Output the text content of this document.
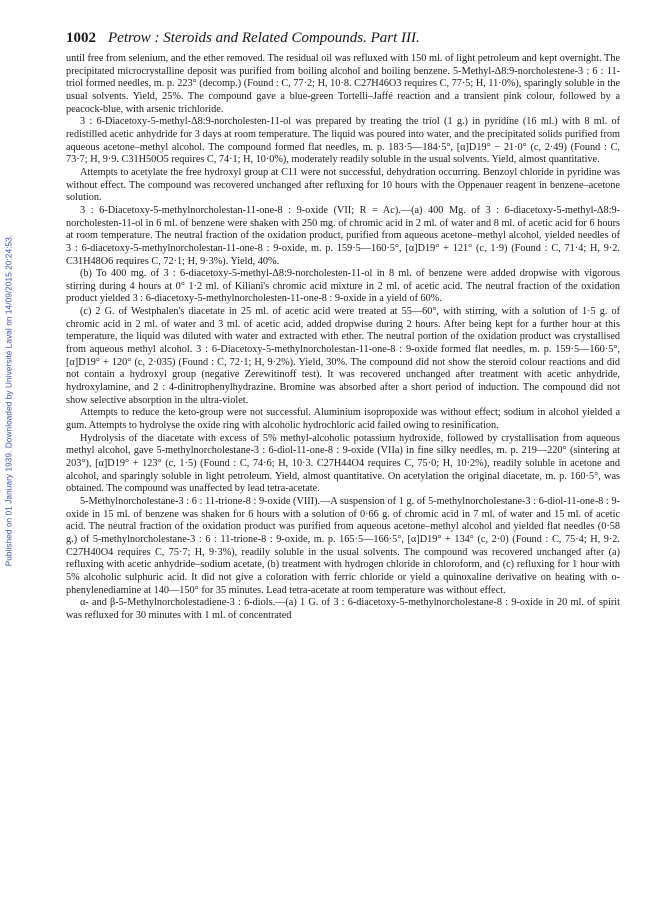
Published on 01 January 1939. Downloaded by Université Laval on 14/09/2015 20:24:53.
1002 Petrow : Steroids and Related Compounds. Part III.

until free from selenium, and the ether removed. The residual oil was refluxed with 150 ml. of light petroleum and kept overnight. The precipitated microcrystalline deposit was purified from boiling alcohol and boiling benzene. 5-Methyl-Δ8:9-norcholestene-3 : 6 : 11-triol formed needles, m. p. 223° (decomp.) (Found : C, 77·2; H, 10·8. C27H46O3 requires C, 77·5; H, 11·0%), sparingly soluble in the usual solvents. Yield, 25%. The compound gave a blue-green Tortelli–Jaffé reaction and a transient pink colour, followed by a peacock-blue, with arsenic trichloride.

3 : 6-Diacetoxy-5-methyl-Δ8:9-norcholesten-11-ol was prepared by treating the triol (1 g.) in pyridine (16 ml.) with 8 ml. of redistilled acetic anhydride for 3 days at room temperature. The liquid was poured into water, and the precipitated solids purified from aqueous acetone–methyl alcohol. The compound formed flat needles, m. p. 183·5—184·5°, [α]D19° − 21·0° (c, 2·49) (Found : C, 73·7; H, 9·9. C31H50O5 requires C, 74·1; H, 10·0%), moderately readily soluble in the usual solvents. Yield, almost quantitative.

Attempts to acetylate the free hydroxyl group at C11 were not successful, dehydration occurring. Benzoyl chloride in pyridine was without effect. The compound was recovered unchanged after refluxing for 10 hours with the Oppenauer reagent in benzene–acetone solution.

3 : 6-Diacetoxy-5-methylnorcholestan-11-one-8 : 9-oxide (VII; R = Ac).—(a) 400 Mg. of 3 : 6-diacetoxy-5-methyl-Δ8:9-norcholesten-11-ol in 6 ml. of benzene were shaken with 250 mg. of chromic acid in 2 ml. of water and 8 ml. of acetic acid for 6 hours at room temperature. The neutral fraction of the oxidation product, purified from aqueous acetone–methyl alcohol, yielded needles of 3 : 6-diacetoxy-5-methylnorcholestan-11-one-8 : 9-oxide, m. p. 159·5—160·5°, [α]D19° + 121° (c, 1·9) (Found : C, 71·4; H, 9·2. C31H48O6 requires C, 72·1; H, 9·3%). Yield, 40%.

(b) To 400 mg. of 3 : 6-diacetoxy-5-methyl-Δ8:9-norcholesten-11-ol in 8 ml. of benzene were added dropwise with vigorous stirring during 4 hours at 0° 1·2 ml. of Kiliani's chromic acid mixture in 2 ml. of acetic acid. The neutral fraction of the oxidation product yielded 3 : 6-diacetoxy-5-methylnorcholesten-11-one-8 : 9-oxide in a yield of 60%.

(c) 2 G. of Westphalen's diacetate in 25 ml. of acetic acid were treated at 55—60°, with stirring, with a solution of 1·5 g. of chromic acid in 2 ml. of water and 3 ml. of acetic acid, added dropwise during 2 hours. After being kept for a further hour at this temperature, the liquid was diluted with water and extracted with ether. The neutral portion of the oxidation product was crystallised from aqueous methyl alcohol. 3 : 6-Diacetoxy-5-methylnorcholestan-11-one-8 : 9-oxide formed flat needles, m. p. 159·5—160·5°, [α]D19° + 120° (c, 2·035) (Found : C, 72·1; H, 9·2%). Yield, 30%. The compound did not show the steroid colour reactions and did not contain a hydroxyl group (negative Zerewitinoff test). It was recovered unchanged after treatment with acetic anhydride, hydroxylamine, and 2 : 4-dinitrophenylhydrazine. Bromine was absorbed after a short period of induction. The compound did not show selective absorption in the ultra-violet.

Attempts to reduce the keto-group were not successful. Aluminium isopropoxide was without effect; sodium in alcohol yielded a gum. Attempts to hydrolyse the oxide ring with alcoholic hydrochloric acid failed owing to resinification.

Hydrolysis of the diacetate with excess of 5% methyl-alcoholic potassium hydroxide, followed by crystallisation from aqueous methyl alcohol, gave 5-methylnorcholestane-3 : 6-diol-11-one-8 : 9-oxide (VIIa) in fine silky needles, m. p. 219—220° (sintering at 203°), [α]D19° + 123° (c, 1·5) (Found : C, 74·6; H, 10·3. C27H44O4 requires C, 75·0; H, 10·2%), readily soluble in acetone and alcohol, and sparingly soluble in light petroleum. Yield, almost quantitative. On acetylation the original diacetate, m. p. 160·5°, was obtained. The compound was unaffected by lead tetra-acetate.

5-Methylnorcholestane-3 : 6 : 11-trione-8 : 9-oxide (VIII).—A suspension of 1 g. of 5-methylnorcholestane-3 : 6-diol-11-one-8 : 9-oxide in 15 ml. of benzene was shaken for 6 hours with a solution of 0·66 g. of chromic acid in 7 ml. of water and 15 ml. of acetic acid. The neutral fraction of the oxidation product was purified from aqueous acetone–methyl alcohol and yielded flat needles (0·58 g.) of 5-methylnorcholestane-3 : 6 : 11-trione-8 : 9-oxide, m. p. 165·5—166·5°, [α]D19° + 134° (c, 2·0) (Found : C, 75·4; H, 9·2. C27H40O4 requires C, 75·7; H, 9·3%), readily soluble in the usual solvents. The compound was recovered unchanged after (a) refluxing with acetic anhydride–sodium acetate, (b) treatment with hydrogen chloride in chloroform, and (c) refluxing for 1 hour with 5% alcoholic sulphuric acid. It did not give a coloration with ferric chloride or yield a quinoxaline derivative on heating with o-phenylenediamine at 140—150° for 35 minutes. Lead tetra-acetate at room temperature was without effect.

α- and β-5-Methylnorcholestadiene-3 : 6-diols.—(a) 1 G. of 3 : 6-diacetoxy-5-methylnorcholestane-8 : 9-oxide in 20 ml. of spirit was refluxed for 30 minutes with 1 ml. of concentrated
